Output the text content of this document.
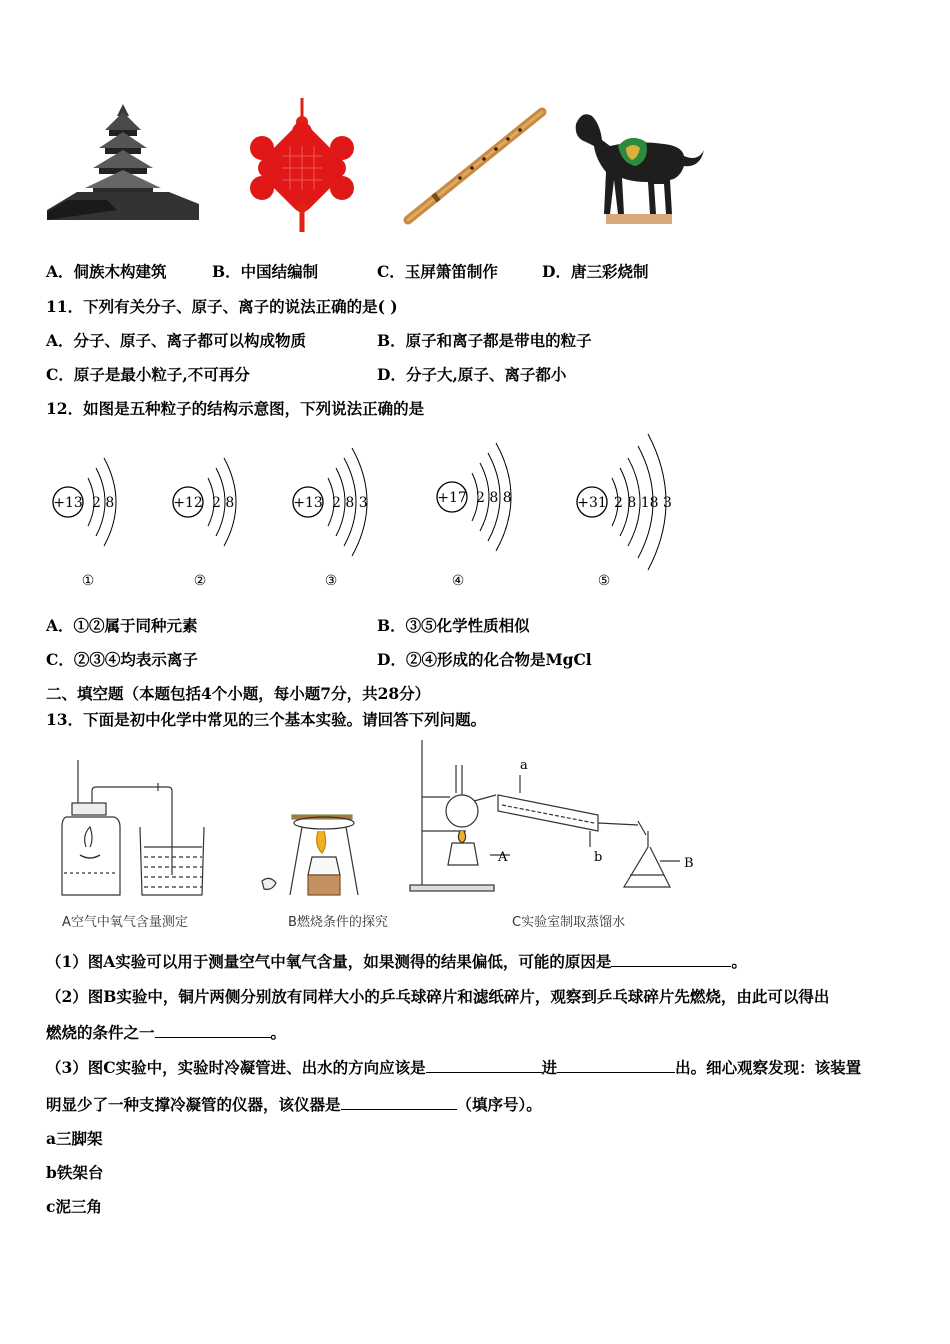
A．侗族木构建筑	B．中国结编制	C．玉屏箫笛制作	D．唐三彩烧制
11．下列有关分子、原子、离子的说法正确的是( )
A．分子、原子、离子都可以构成物质	B．原子和离子都是带电的粒子
C．原子是最小粒子,不可再分	D．分子大,原子、离子都小
12．如图是五种粒子的结构示意图，下列说法正确的是
+13 2 8
①
+12 2 8
②
+13 2 8 3
③
+17 2 8 8
④
+31 2 8 18 3
⑤
A．①②属于同种元素	B．③⑤化学性质相似
C．②③④均表示离子	D．②④形成的化合物是MgCl
二、填空题（本题包括4个小题，每小题7分，共28分）
13．下面是初中化学中常见的三个基本实验。请回答下列问题。
a
b
A	B
A空气中氧气含量测定	B燃烧条件的探究	C实验室制取蒸馏水
（1）图A实验可以用于测量空气中氧气含量，如果测得的结果偏低，可能的原因是	。
（2）图B实验中，铜片两侧分别放有同样大小的乒乓球碎片和滤纸碎片，观察到乒乓球碎片先燃烧，由此可以得出
燃烧的条件之一	。
（3）图C实验中，实验时冷凝管进、出水的方向应该是	进	出。细心观察发现：该装置
明显少了一种支撑冷凝管的仪器，该仪器是	（填序号）。
a三脚架
b铁架台
c泥三角
